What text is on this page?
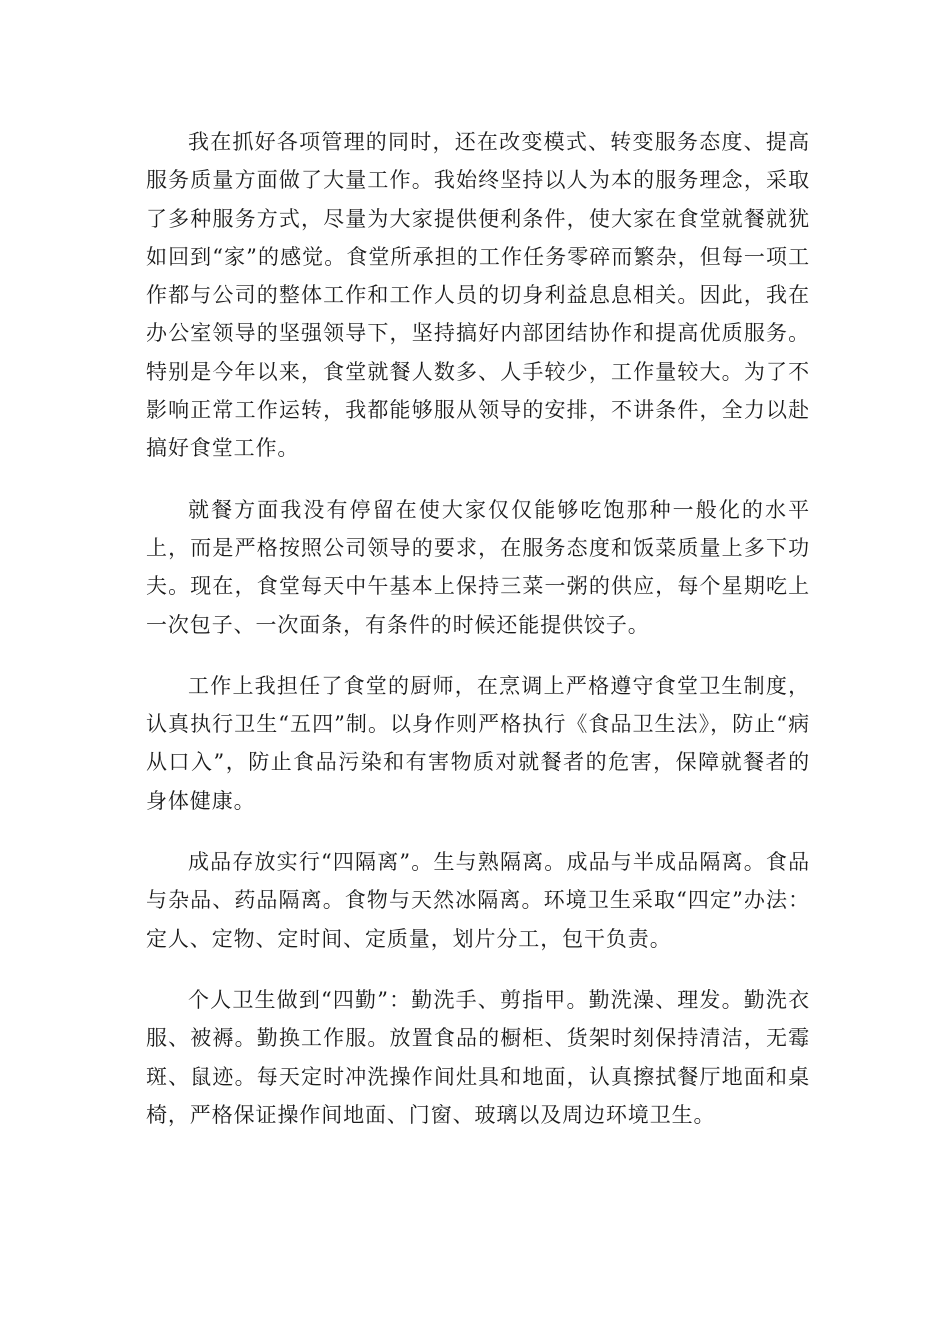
我在抓好各项管理的同时，还在改变模式、转变服务态度、提高服务质量方面做了大量工作。我始终坚持以人为本的服务理念，采取了多种服务方式，尽量为大家提供便利条件，使大家在食堂就餐就犹如回到“家”的感觉。食堂所承担的工作任务零碎而繁杂，但每一项工作都与公司的整体工作和工作人员的切身利益息息相关。因此，我在办公室领导的坚强领导下，坚持搞好内部团结协作和提高优质服务。特别是今年以来，食堂就餐人数多、人手较少，工作量较大。为了不影响正常工作运转，我都能够服从领导的安排，不讲条件，全力以赴搞好食堂工作。

就餐方面我没有停留在使大家仅仅能够吃饱那种一般化的水平上，而是严格按照公司领导的要求，在服务态度和饭菜质量上多下功夫。现在，食堂每天中午基本上保持三菜一粥的供应，每个星期吃上一次包子、一次面条，有条件的时候还能提供饺子。

工作上我担任了食堂的厨师，在烹调上严格遵守食堂卫生制度，认真执行卫生“五四”制。以身作则严格执行《食品卫生法》，防止“病从口入”，防止食品污染和有害物质对就餐者的危害，保障就餐者的身体健康。

成品存放实行“四隔离”。生与熟隔离。成品与半成品隔离。食品与杂品、药品隔离。食物与天然冰隔离。环境卫生采取“四定”办法：定人、定物、定时间、定质量，划片分工，包干负责。

个人卫生做到“四勤”：勤洗手、剪指甲。勤洗澡、理发。勤洗衣服、被褥。勤换工作服。放置食品的橱柜、货架时刻保持清洁，无霉斑、鼠迹。每天定时冲洗操作间灶具和地面，认真擦拭餐厅地面和桌椅，严格保证操作间地面、门窗、玻璃以及周边环境卫生。
